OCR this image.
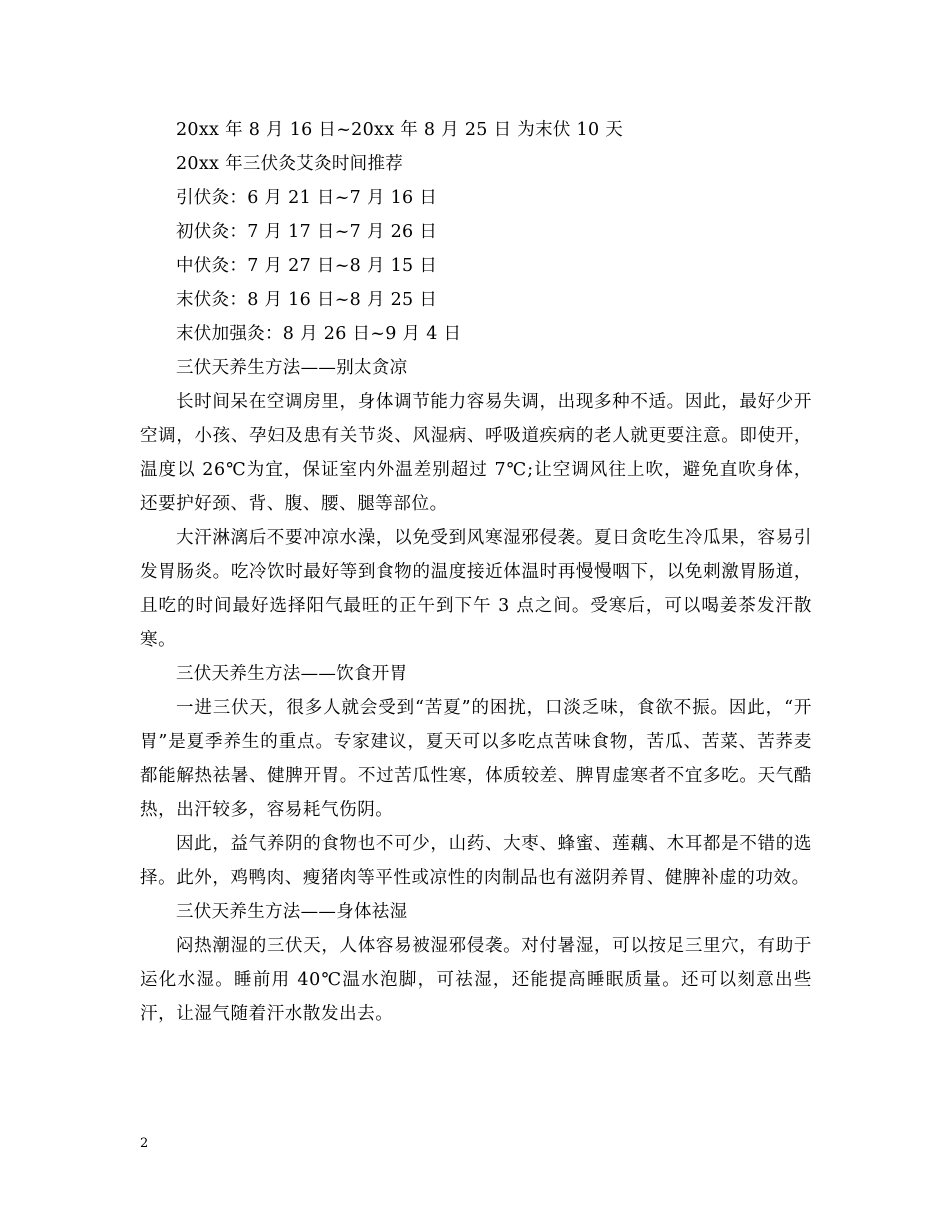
20xx 年 8 月 16 日~20xx 年 8 月 25 日 为末伏 10 天
20xx 年三伏灸艾灸时间推荐
引伏灸：6 月 21 日~7 月 16 日
初伏灸：7 月 17 日~7 月 26 日
中伏灸：7 月 27 日~8 月 15 日
末伏灸：8 月 16 日~8 月 25 日
末伏加强灸：8 月 26 日~9 月 4 日
三伏天养生方法——别太贪凉
长时间呆在空调房里，身体调节能力容易失调，出现多种不适。因此，最好少开空调，小孩、孕妇及患有关节炎、风湿病、呼吸道疾病的老人就更要注意。即使开，温度以 26℃为宜，保证室内外温差别超过 7℃;让空调风往上吹，避免直吹身体，还要护好颈、背、腹、腰、腿等部位。
大汗淋漓后不要冲凉水澡，以免受到风寒湿邪侵袭。夏日贪吃生冷瓜果，容易引发胃肠炎。吃冷饮时最好等到食物的温度接近体温时再慢慢咽下，以免刺激胃肠道，且吃的时间最好选择阳气最旺的正午到下午 3 点之间。受寒后，可以喝姜茶发汗散寒。
三伏天养生方法——饮食开胃
一进三伏天，很多人就会受到“苦夏”的困扰，口淡乏味，食欲不振。因此，“开胃”是夏季养生的重点。专家建议，夏天可以多吃点苦味食物，苦瓜、苦菜、苦荞麦都能解热祛暑、健脾开胃。不过苦瓜性寒，体质较差、脾胃虚寒者不宜多吃。天气酷热，出汗较多，容易耗气伤阴。
因此，益气养阴的食物也不可少，山药、大枣、蜂蜜、莲藕、木耳都是不错的选择。此外，鸡鸭肉、瘦猪肉等平性或凉性的肉制品也有滋阴养胃、健脾补虚的功效。
三伏天养生方法——身体祛湿
闷热潮湿的三伏天，人体容易被湿邪侵袭。对付暑湿，可以按足三里穴，有助于运化水湿。睡前用 40℃温水泡脚，可祛湿，还能提高睡眠质量。还可以刻意出些汗，让湿气随着汗水散发出去。
2
